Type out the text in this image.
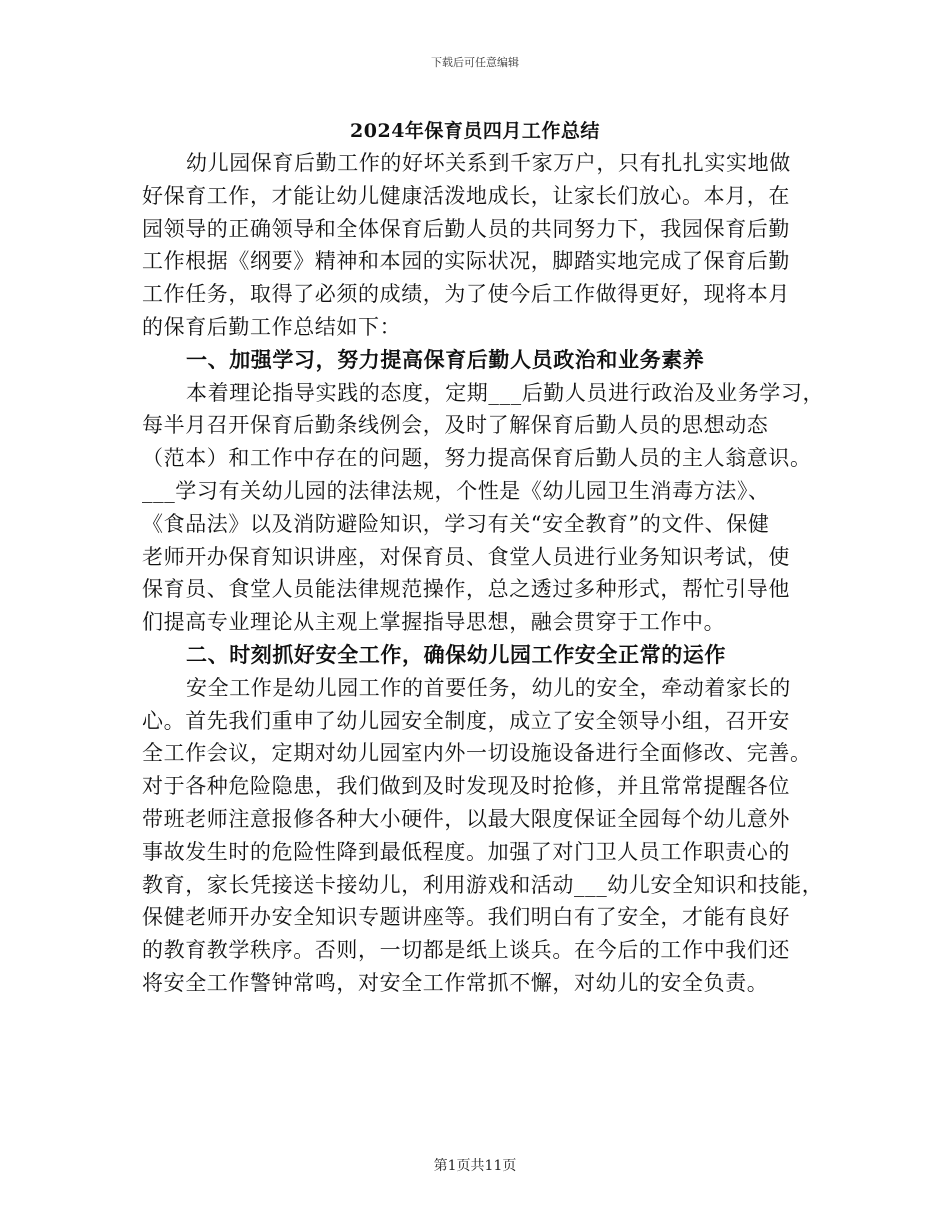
下载后可任意编辑
2024年保育员四月工作总结
幼儿园保育后勤工作的好坏关系到千家万户，只有扎扎实实地做
好保育工作，才能让幼儿健康活泼地成长，让家长们放心。本月，在
园领导的正确领导和全体保育后勤人员的共同努力下，我园保育后勤
工作根据《纲要》精神和本园的实际状况，脚踏实地完成了保育后勤
工作任务，取得了必须的成绩，为了使今后工作做得更好，现将本月
的保育后勤工作总结如下：
一、加强学习，努力提高保育后勤人员政治和业务素养
本着理论指导实践的态度，定期___后勤人员进行政治及业务学习，
每半月召开保育后勤条线例会，及时了解保育后勤人员的思想动态
（范本）和工作中存在的问题，努力提高保育后勤人员的主人翁意识。
___学习有关幼儿园的法律法规，个性是《幼儿园卫生消毒方法》、
《食品法》以及消防避险知识，学习有关“安全教育”的文件、保健
老师开办保育知识讲座，对保育员、食堂人员进行业务知识考试，使
保育员、食堂人员能法律规范操作，总之透过多种形式，帮忙引导他
们提高专业理论从主观上掌握指导思想，融会贯穿于工作中。
二、时刻抓好安全工作，确保幼儿园工作安全正常的运作
安全工作是幼儿园工作的首要任务，幼儿的安全，牵动着家长的
心。首先我们重申了幼儿园安全制度，成立了安全领导小组，召开安
全工作会议，定期对幼儿园室内外一切设施设备进行全面修改、完善。
对于各种危险隐患，我们做到及时发现及时抢修，并且常常提醒各位
带班老师注意报修各种大小硬件，以最大限度保证全园每个幼儿意外
事故发生时的危险性降到最低程度。加强了对门卫人员工作职责心的
教育，家长凭接送卡接幼儿，利用游戏和活动___幼儿安全知识和技能，
保健老师开办安全知识专题讲座等。我们明白有了安全，才能有良好
的教育教学秩序。否则，一切都是纸上谈兵。在今后的工作中我们还
将安全工作警钟常鸣，对安全工作常抓不懈，对幼儿的安全负责。
第1页共11页
